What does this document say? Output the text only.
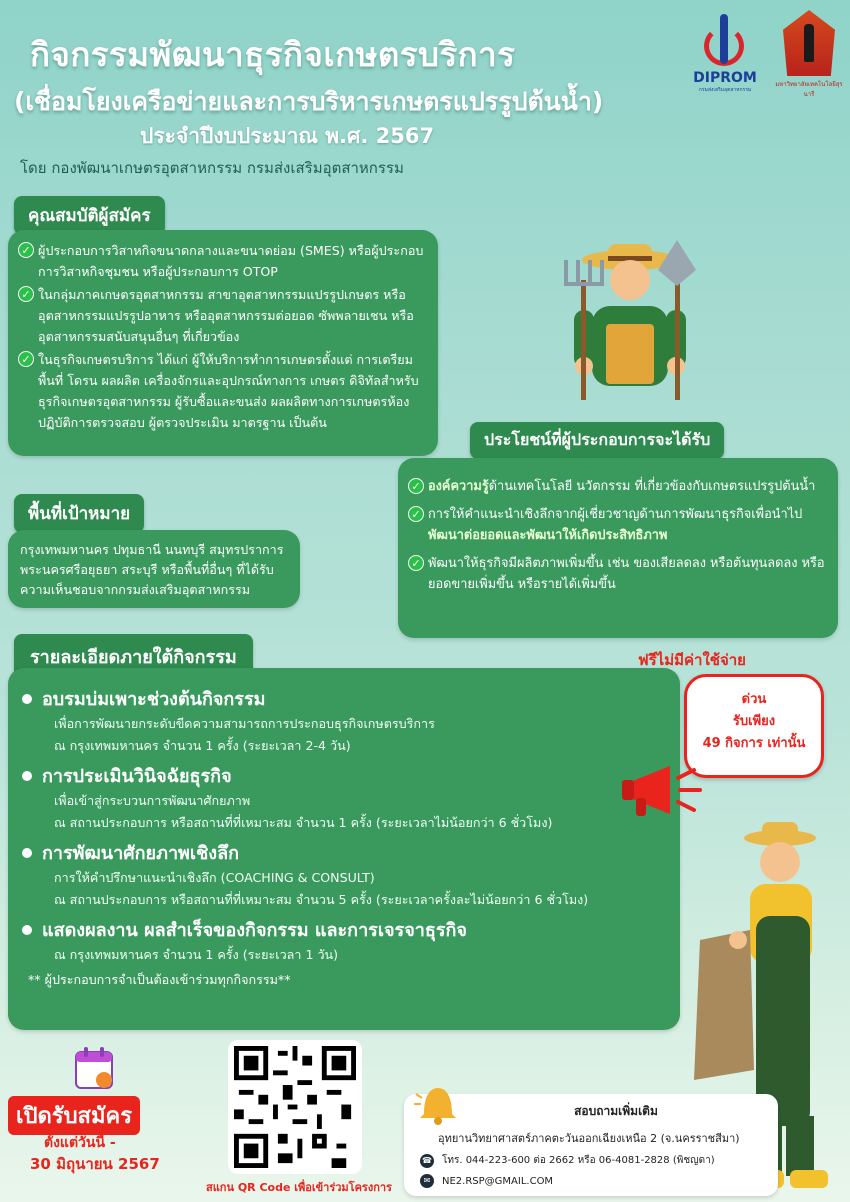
กิจกรรมพัฒนาธุรกิจเกษตรบริการ
(เชื่อมโยงเครือข่ายและการบริหารเกษตรแปรรูปต้นน้ำ)
ประจำปีงบประมาณ พ.ศ. 2567
โดย กองพัฒนาเกษตรอุตสาหกรรม กรมส่งเสริมอุตสาหกรรม
DIPROM
กรมส่งเสริมอุตสาหกรรม
มหาวิทยาลัยเทคโนโลยีสุรนารี
คุณสมบัติผู้สมัคร
✓ ผู้ประกอบการวิสาหกิจขนาดกลางและขนาดย่อม (SMES) หรือผู้ประกอบการวิสาหกิจชุมชน หรือผู้ประกอบการ OTOP
✓ ในกลุ่มภาคเกษตรอุตสาหกรรม สาขาอุตสาหกรรมแปรรูปเกษตร หรืออุตสาหกรรมแปรรูปอาหาร หรืออุตสาหกรรมต่อยอด ซัพพลายเชน หรืออุตสาหกรรมสนับสนุนอื่นๆ ที่เกี่ยวข้อง
✓ ในธุรกิจเกษตรบริการ ได้แก่ ผู้ให้บริการทำการเกษตรตั้งแต่ การเตรียมพื้นที่ โดรน ผลผลิต เครื่องจักรและอุปกรณ์ทางการ เกษตร ดิจิทัลสำหรับธุรกิจเกษตรอุตสาหกรรม ผู้รับซื้อและขนส่ง ผลผลิตทางการเกษตรห้องปฏิบัติการตรวจสอบ ผู้ตรวจประเมิน มาตรฐาน เป็นต้น
พื้นที่เป้าหมาย
กรุงเทพมหานคร ปทุมธานี นนทบุรี สมุทรปราการ พระนครศรีอยุธยา สระบุรี หรือพื้นที่อื่นๆ ที่ได้รับความเห็นชอบจากกรมส่งเสริมอุตสาหกรรม
ประโยชน์ที่ผู้ประกอบการจะได้รับ
✓ องค์ความรู้ด้านเทคโนโลยี นวัตกรรม ที่เกี่ยวข้องกับเกษตรแปรรูปต้นน้ำ
✓ การให้คำแนะนำเชิงลึกจากผู้เชี่ยวชาญด้านการพัฒนาธุรกิจเพื่อนำไป พัฒนาต่อยอดและพัฒนาให้เกิดประสิทธิภาพ
✓ พัฒนาให้ธุรกิจมีผลิตภาพเพิ่มขึ้น เช่น ของเสียลดลง หรือต้นทุนลดลง หรือยอดขายเพิ่มขึ้น หรือรายได้เพิ่มขึ้น
รายละเอียดภายใต้กิจกรรม
อบรมบ่มเพาะช่วงต้นกิจกรรม
เพื่อการพัฒนายกระดับขีดความสามารถการประกอบธุรกิจเกษตรบริการ
ณ กรุงเทพมหานคร จำนวน 1 ครั้ง (ระยะเวลา 2-4 วัน)
การประเมินวินิจฉัยธุรกิจ
เพื่อเข้าสู่กระบวนการพัฒนาศักยภาพ
ณ สถานประกอบการ หรือสถานที่ที่เหมาะสม จำนวน 1 ครั้ง (ระยะเวลาไม่น้อยกว่า 6 ชั่วโมง)
การพัฒนาศักยภาพเชิงลึก
การให้คำปรึกษาแนะนำเชิงลึก (COACHING & CONSULT)
ณ สถานประกอบการ หรือสถานที่ที่เหมาะสม จำนวน 5 ครั้ง (ระยะเวลาครั้งละไม่น้อยกว่า 6 ชั่วโมง)
แสดงผลงาน ผลสำเร็จของกิจกรรม และการเจรจาธุรกิจ
ณ กรุงเทพมหานคร จำนวน 1 ครั้ง (ระยะเวลา 1 วัน)
** ผู้ประกอบการจำเป็นต้องเข้าร่วมทุกกิจกรรม**
ฟรีไม่มีค่าใช้จ่าย
ด่วน
รับเพียง
49 กิจการ เท่านั้น
เปิดรับสมัคร
ตั้งแต่วันนี้ -
30 มิถุนายน 2567
สแกน QR Code เพื่อเข้าร่วมโครงการ
สอบถามเพิ่มเติม
อุทยานวิทยาศาสตร์ภาคตะวันออกเฉียงเหนือ 2 (จ.นครราชสีมา)
☎ โทร. 044-223-600 ต่อ 2662 หรือ 06-4081-2828 (พิชญดา)
✉	NE2.RSP@GMAIL.COM
